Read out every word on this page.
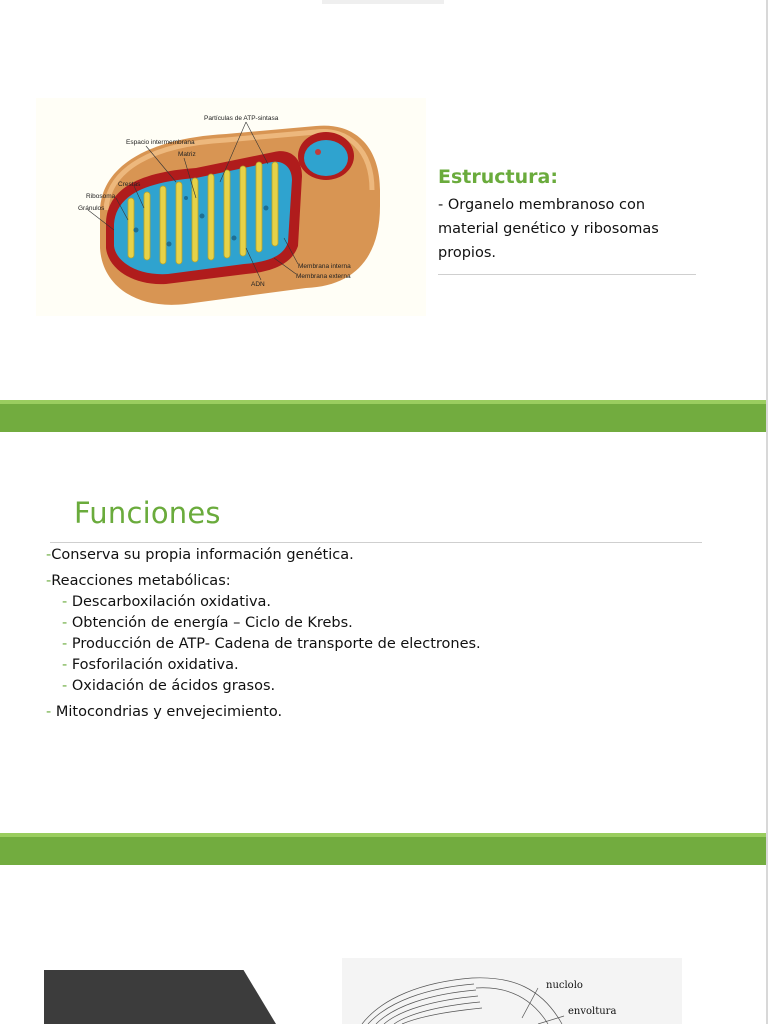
Partículas de ATP-sintasa
Espacio intermembrana
Matriz
Crestas
Ribosoma
Gránulos
Membrana interna
Membrana externa
ADN
Estructura:

- Organelo membranoso con
material genético y ribosomas
propios.

Funciones
-Conserva su propia información genética.
-Reacciones metabólicas:
- Descarboxilación oxidativa.
- Obtención de energía – Ciclo de Krebs.
- Producción de ATP- Cadena de transporte de electrones.
- Fosforilación oxidativa.
- Oxidación de ácidos grasos.
- Mitocondrias y envejecimiento.
nuclolo
envoltura
